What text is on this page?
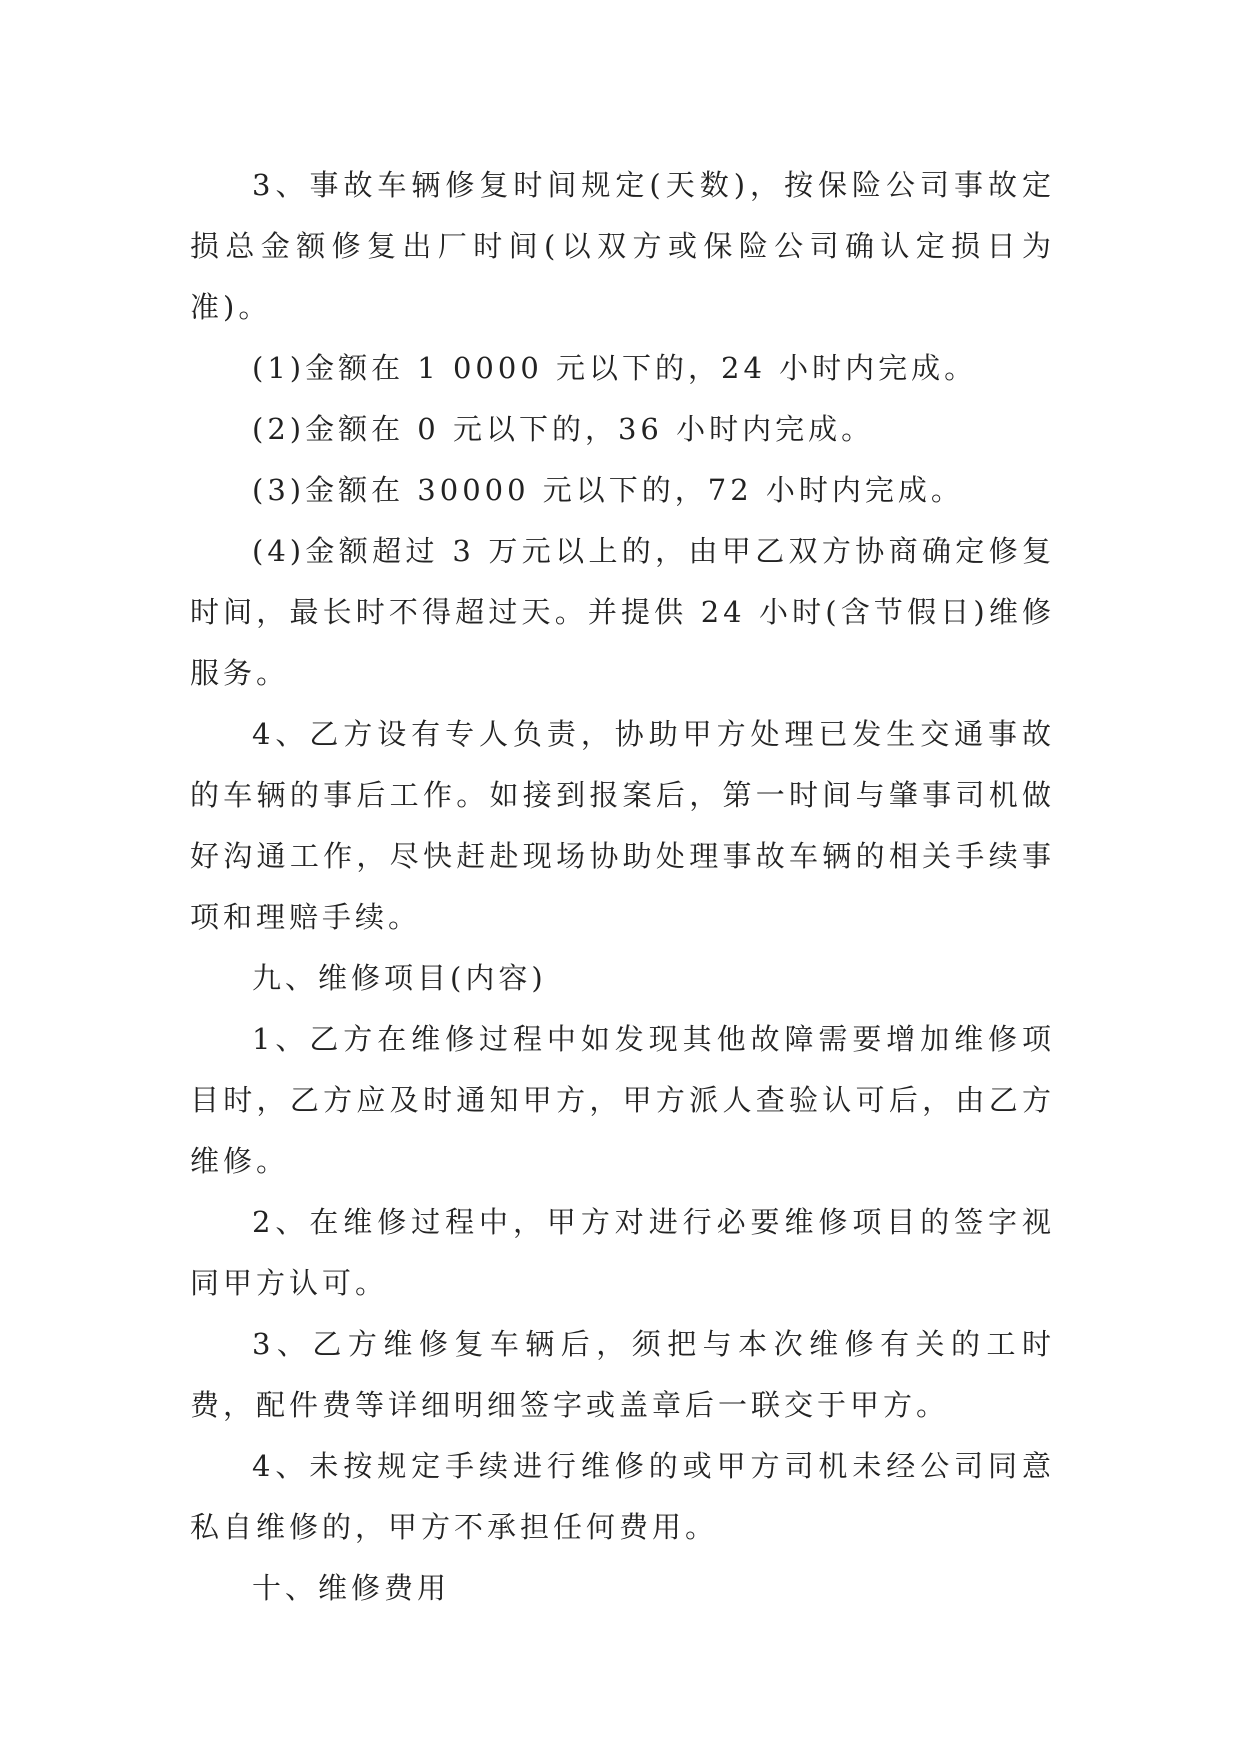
3、事故车辆修复时间规定(天数)，按保险公司事故定损总金额修复出厂时间(以双方或保险公司确认定损日为准)。

(1)金额在 1 0000 元以下的，24 小时内完成。

(2)金额在 0 元以下的，36 小时内完成。

(3)金额在 30000 元以下的，72 小时内完成。

(4)金额超过 3 万元以上的，由甲乙双方协商确定修复时间，最长时不得超过天。并提供 24 小时(含节假日)维修服务。

4、乙方设有专人负责，协助甲方处理已发生交通事故的车辆的事后工作。如接到报案后，第一时间与肇事司机做好沟通工作，尽快赶赴现场协助处理事故车辆的相关手续事项和理赔手续。

九、维修项目(内容)

1、乙方在维修过程中如发现其他故障需要增加维修项目时，乙方应及时通知甲方，甲方派人查验认可后，由乙方维修。

2、在维修过程中，甲方对进行必要维修项目的签字视同甲方认可。

3、乙方维修复车辆后，须把与本次维修有关的工时费，配件费等详细明细签字或盖章后一联交于甲方。

4、未按规定手续进行维修的或甲方司机未经公司同意私自维修的，甲方不承担任何费用。

十、维修费用
